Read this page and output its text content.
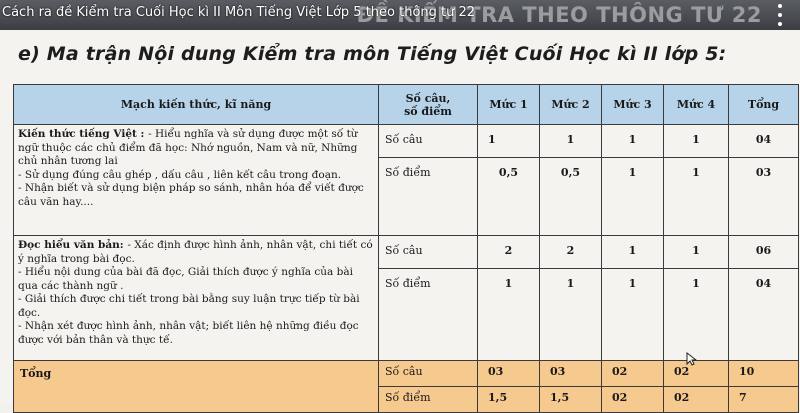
ĐỀ KIỂM TRA THEO THÔNG TƯ 22
Cách ra đề Kiểm tra Cuối Học kì II Môn Tiếng Việt Lớp 5 theo thông tư 22
e) Ma trận Nội dung Kiểm tra môn Tiếng Việt Cuối Học kì II lớp 5:
Mạch kiến thức, kĩ năng	Số câu,
số điểm	Mức 1	Mức 2	Mức 3	Mức 4	Tổng
Kiến thức tiếng Việt : - Hiểu nghĩa và sử dụng được một số từ ngữ thuộc các chủ điểm đã học: Nhớ nguồn, Nam và nữ, Những chủ nhân tương lai
- Sử dụng đúng câu ghép , dấu câu , liên kết câu trong đoạn.
- Nhận biết và sử dụng biện pháp so sánh, nhân hóa để viết được câu văn hay....	Số câu	1	1	1	1	04
	Số điểm	0,5	0,5	1	1	03
Đọc hiểu văn bản: - Xác định được hình ảnh, nhân vật, chi tiết có ý nghĩa trong bài đọc.
- Hiểu nội dung của bài đã đọc, Giải thích được ý nghĩa của bài qua các thành ngữ .
- Giải thích được chi tiết trong bài bằng suy luận trực tiếp từ bài đọc.
- Nhận xét được hình ảnh, nhân vật; biết liên hệ những điều đọc được với bản thân và thực tế.	Số câu	2	2	1	1	06
	Số điểm	1	1	1	1	04
Tổng	Số câu	03	03	02	02	10
	Số điểm	1,5	1,5	02	02	7
